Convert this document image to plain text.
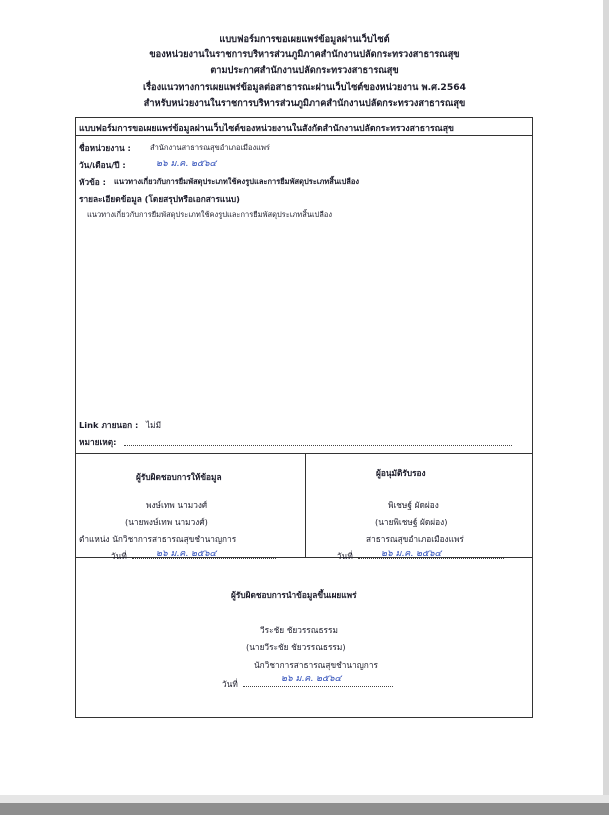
แบบฟอร์มการขอเผยแพร่ข้อมูลผ่านเว็บไซต์
ของหน่วยงานในราชการบริหารส่วนภูมิภาคสำนักงานปลัดกระทรวงสาธารณสุข
ตามประกาศสำนักงานปลัดกระทรวงสาธารณสุข
เรื่องแนวทางการเผยแพร่ข้อมูลต่อสาธารณะผ่านเว็บไซต์ของหน่วยงาน พ.ศ.2564
สำหรับหน่วยงานในราชการบริหารส่วนภูมิภาคสำนักงานปลัดกระทรวงสาธารณสุข
แบบฟอร์มการขอเผยแพร่ข้อมูลผ่านเว็บไซต์ของหน่วยงานในสังกัดสำนักงานปลัดกระทรวงสาธารณสุข
ชื่อหน่วยงาน :	สำนักงานสาธารณสุขอำเภอเมืองแพร่
วัน/เดือน/ปี :	๒๖ ม.ค. ๒๕๖๔
หัวข้อ : แนวทางเกี่ยวกับการยืมพัสดุประเภทใช้คงรูปและการยืมพัสดุประเภทสิ้นเปลือง
รายละเอียดข้อมูล (โดยสรุปหรือเอกสารแนบ)
แนวทางเกี่ยวกับการยืมพัสดุประเภทใช้คงรูปและการยืมพัสดุประเภทสิ้นเปลือง
Link ภายนอก : ไม่มี
หมายเหตุ:
ผู้รับผิดชอบการให้ข้อมูล
พงษ์เทพ นามวงศ์
(นายพงษ์เทพ นามวงศ์)
ตำแหน่ง นักวิชาการสาธารณสุขชำนาญการ
วันที่	๒๖ ม.ค. ๒๕๖๔
ผู้อนุมัติรับรอง
พิเชษฐ์ ผัดผ่อง
(นายพิเชษฐ์ ผัดผ่อง)
สาธารณสุขอำเภอเมืองแพร่
วันที่	๒๖ ม.ค. ๒๕๖๔
ผู้รับผิดชอบการนำข้อมูลขึ้นเผยแพร่
วีระชัย ชัยวรรณธรรม
(นายวีระชัย ชัยวรรณธรรม)
นักวิชาการสาธารณสุขชำนาญการ
วันที่	๒๖ ม.ค. ๒๕๖๔
